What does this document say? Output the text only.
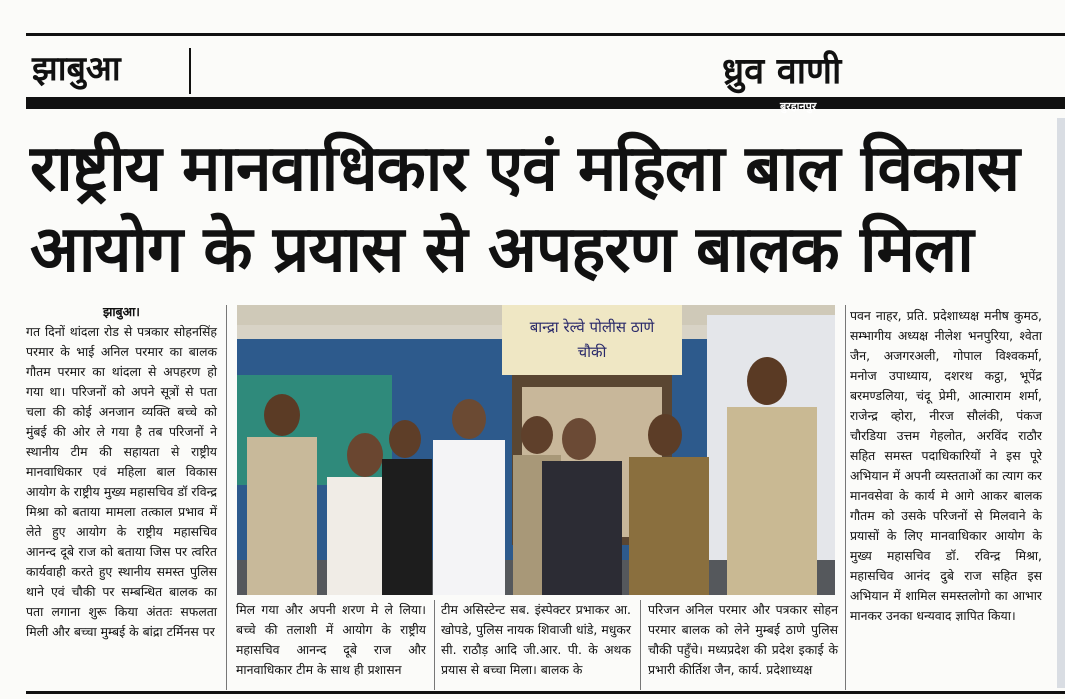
झाबुआ	ध्रुव वाणी
बुरहानपुर
राष्ट्रीय मानवाधिकार एवं महिला बाल विकास
आयोग के प्रयास से अपहरण बालक मिला

झाबुआ।

गत दिनों थांदला रोड से पत्रकार सोहनसिंह परमार के भाई अनिल परमार का बालक गौतम परमार का थांदला से अपहरण हो गया था। परिजनों को अपने सूत्रों से पता चला की कोई अनजान व्यक्ति बच्चे को मुंबई की ओर ले गया है तब परिजनों ने स्थानीय टीम की सहायता से राष्ट्रीय मानवाधिकार एवं महिला बाल विकास आयोग के राष्ट्रीय मुख्य महासचिव डॉ रविन्द्र मिश्रा को बताया मामला तत्काल प्रभाव में लेते हुए आयोग के राष्ट्रीय महासचिव आनन्द दूबे राज को बताया जिस पर त्वरित कार्यवाही करते हुए स्थानीय समस्त पुलिस थाने एवं चौकी पर सम्बन्धित बालक का पता लगाना शुरू किया अंततः सफलता मिली और बच्चा मुम्बई के बांद्रा टर्मिनस पर

बान्द्रा रेल्वे पोलीस ठाणे
चौकी

मिल गया और अपनी शरण मे ले लिया। बच्चे की तलाशी में आयोग के राष्ट्रीय महासचिव आनन्द दूबे राज और मानवाधिकार टीम के साथ ही प्रशासन

टीम असिस्टेन्ट सब. इंस्पेक्टर प्रभाकर आ. खोपडे, पुलिस नायक शिवाजी धांडे, मधुकर सी. राठौड़ आदि जी.आर. पी. के अथक प्रयास से बच्चा मिला। बालक के

परिजन अनिल परमार और पत्रकार सोहन परमार बालक को लेने मुम्बई ठाणे पुलिस चौकी पहुँचे। मध्यप्रदेश की प्रदेश इकाई के प्रभारी कीर्तिश जैन, कार्य. प्रदेशाध्यक्ष

पवन नाहर, प्रति. प्रदेशाध्यक्ष मनीष कुमठ, सम्भागीय अध्यक्ष नीलेश भनपुरिया, श्वेता जैन, अजगरअली, गोपाल विश्वकर्मा, मनोज उपाध्याय, दशरथ कट्ठा, भूपेंद्र बरमण्डलिया, चंदू प्रेमी, आत्माराम शर्मा, राजेन्द्र व्होरा, नीरज सौलंकी, पंकज चौरडिया उत्तम गेहलोत, अरविंद राठौर सहित समस्त पदाधिकारियों ने इस पूरे अभियान में अपनी व्यस्तताओं का त्याग कर मानवसेवा के कार्य मे आगे आकर बालक गौतम को उसके परिजनों से मिलवाने के प्रयासों के लिए मानवाधिकार आयोग के मुख्य महासचिव डॉ. रविन्द्र मिश्रा, महासचिव आनंद दुबे राज सहित इस अभियान में शामिल समस्तलोगो का आभार मानकर उनका धन्यवाद ज्ञापित किया।
